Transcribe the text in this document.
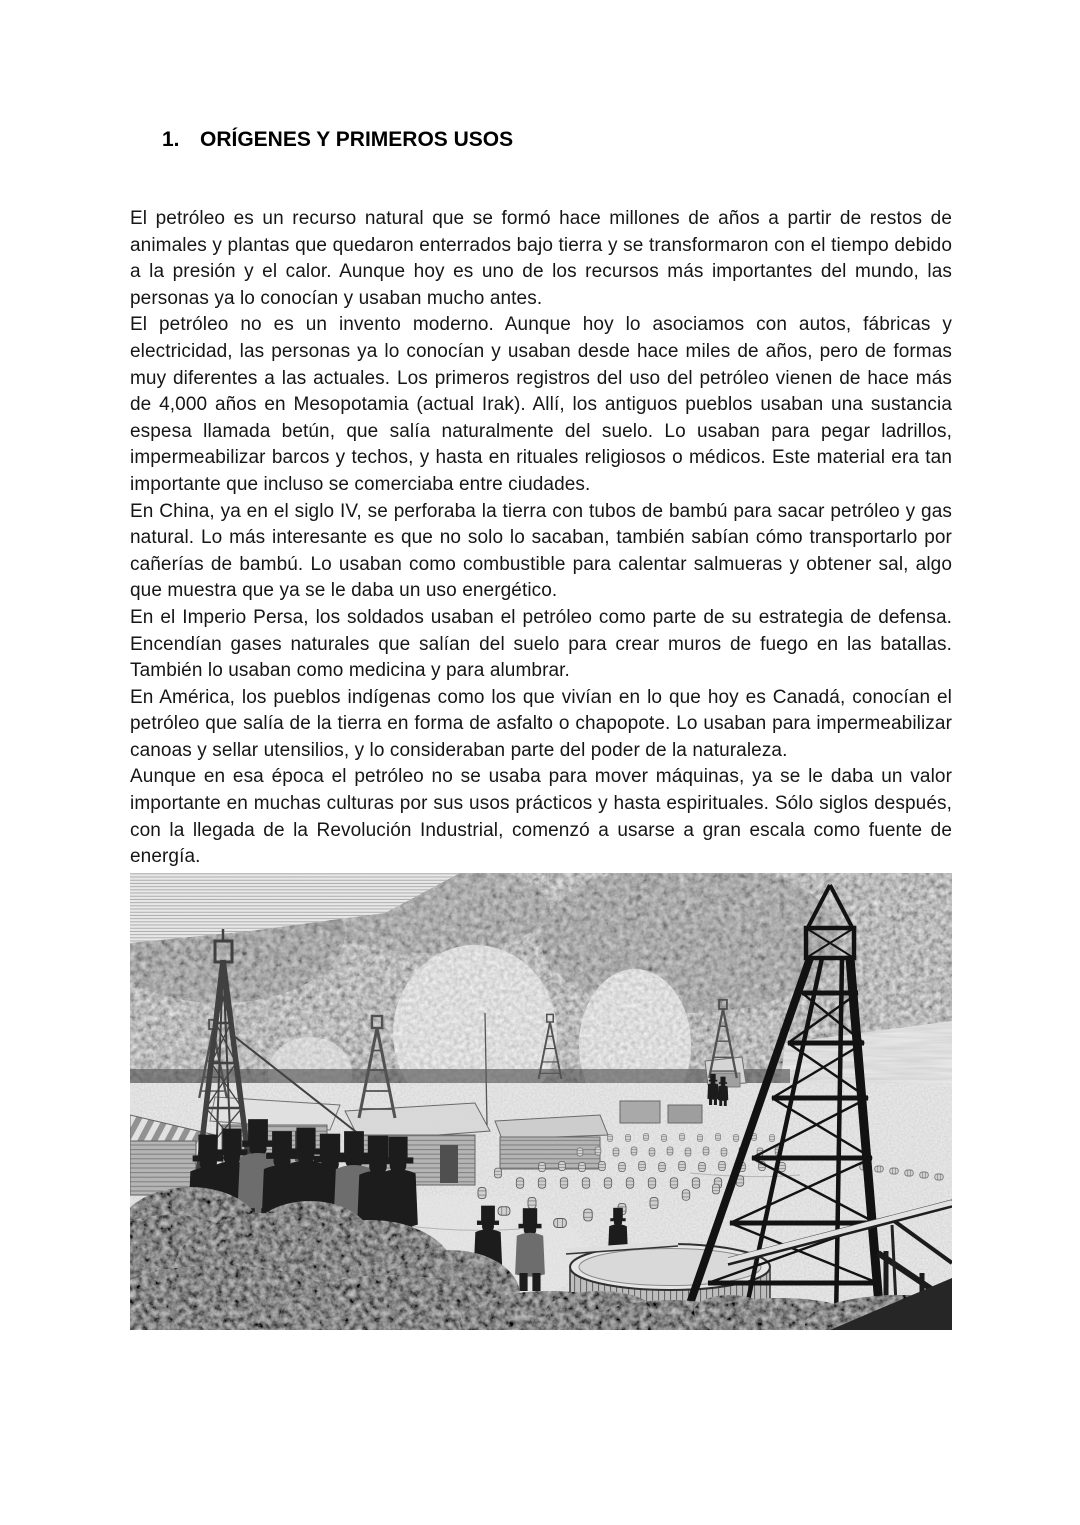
1. ORÍGENES Y PRIMEROS USOS

El petróleo es un recurso natural que se formó hace millones de años a partir de restos de animales y plantas que quedaron enterrados bajo tierra y se transformaron con el tiempo debido a la presión y el calor. Aunque hoy es uno de los recursos más importantes del mundo, las personas ya lo conocían y usaban mucho antes.

El petróleo no es un invento moderno. Aunque hoy lo asociamos con autos, fábricas y electricidad, las personas ya lo conocían y usaban desde hace miles de años, pero de formas muy diferentes a las actuales. Los primeros registros del uso del petróleo vienen de hace más de 4,000 años en Mesopotamia (actual Irak). Allí, los antiguos pueblos usaban una sustancia espesa llamada betún, que salía naturalmente del suelo. Lo usaban para pegar ladrillos, impermeabilizar barcos y techos, y hasta en rituales religiosos o médicos. Este material era tan importante que incluso se comerciaba entre ciudades.

En China, ya en el siglo IV, se perforaba la tierra con tubos de bambú para sacar petróleo y gas natural. Lo más interesante es que no solo lo sacaban, también sabían cómo transportarlo por cañerías de bambú. Lo usaban como combustible para calentar salmueras y obtener sal, algo que muestra que ya se le daba un uso energético.

En el Imperio Persa, los soldados usaban el petróleo como parte de su estrategia de defensa. Encendían gases naturales que salían del suelo para crear muros de fuego en las batallas. También lo usaban como medicina y para alumbrar.

En América, los pueblos indígenas como los que vivían en lo que hoy es Canadá, conocían el petróleo que salía de la tierra en forma de asfalto o chapopote. Lo usaban para impermeabilizar canoas y sellar utensilios, y lo consideraban parte del poder de la naturaleza.

Aunque en esa época el petróleo no se usaba para mover máquinas, ya se le daba un valor importante en muchas culturas por sus usos prácticos y hasta espirituales. Sólo siglos después, con la llegada de la Revolución Industrial, comenzó a usarse a gran escala como fuente de energía.
